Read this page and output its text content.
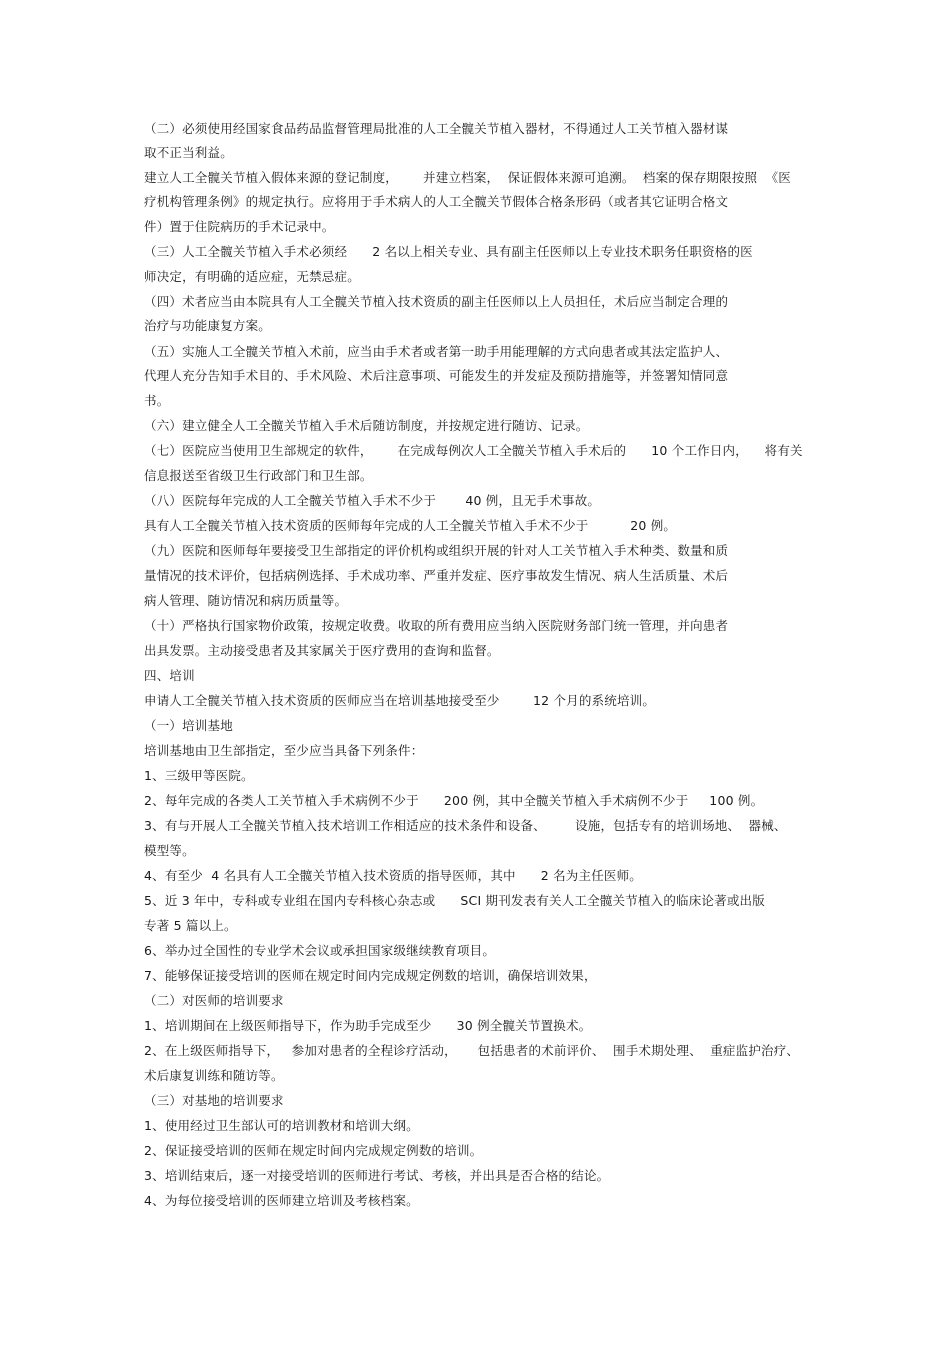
（二）必须使用经国家食品药品监督管理局批准的人工全髋关节植入器材，不得通过人工关节植入器材谋
取不正当利益。
建立人工全髋关节植入假体来源的登记制度，      并建立档案，  保证假体来源可追溯。  档案的保存期限按照  《医
疗机构管理条例》的规定执行。应将用于手术病人的人工全髋关节假体合格条形码（或者其它证明合格文
件）置于住院病历的手术记录中。
（三）人工全髋关节植入手术必须经      2 名以上相关专业、具有副主任医师以上专业技术职务任职资格的医
师决定，有明确的适应症，无禁忌症。
（四）术者应当由本院具有人工全髋关节植入技术资质的副主任医师以上人员担任，术后应当制定合理的
治疗与功能康复方案。
（五）实施人工全髋关节植入术前，应当由手术者或者第一助手用能理解的方式向患者或其法定监护人、
代理人充分告知手术目的、手术风险、术后注意事项、可能发生的并发症及预防措施等，并签署知情同意
书。
（六）建立健全人工全髋关节植入手术后随访制度，并按规定进行随访、记录。
（七）医院应当使用卫生部规定的软件，      在完成每例次人工全髋关节植入手术后的      10 个工作日内，    将有关
信息报送至省级卫生行政部门和卫生部。
（八）医院每年完成的人工全髋关节植入手术不少于       40 例，且无手术事故。
具有人工全髋关节植入技术资质的医师每年完成的人工全髋关节植入手术不少于          20 例。
（九）医院和医师每年要接受卫生部指定的评价机构或组织开展的针对人工关节植入手术种类、数量和质
量情况的技术评价，包括病例选择、手术成功率、严重并发症、医疗事故发生情况、病人生活质量、术后
病人管理、随访情况和病历质量等。
（十）严格执行国家物价政策，按规定收费。收取的所有费用应当纳入医院财务部门统一管理，并向患者
出具发票。主动接受患者及其家属关于医疗费用的查询和监督。
四、培训
申请人工全髋关节植入技术资质的医师应当在培训基地接受至少        12 个月的系统培训。
（一）培训基地
培训基地由卫生部指定，至少应当具备下列条件：
1、三级甲等医院。
2、每年完成的各类人工关节植入手术病例不少于      200 例，其中全髋关节植入手术病例不少于     100 例。
3、有与开展人工全髋关节植入技术培训工作相适应的技术条件和设备、       设施，包括专有的培训场地、  器械、
模型等。
4、有至少  4 名具有人工全髋关节植入技术资质的指导医师，其中      2 名为主任医师。
5、近 3 年中，专科或专业组在国内专科核心杂志或      SCI 期刊发表有关人工全髋关节植入的临床论著或出版
专著 5 篇以上。
6、举办过全国性的专业学术会议或承担国家级继续教育项目。
7、能够保证接受培训的医师在规定时间内完成规定例数的培训，确保培训效果，
（二）对医师的培训要求
1、培训期间在上级医师指导下，作为助手完成至少      30 例全髋关节置换术。
2、在上级医师指导下，   参加对患者的全程诊疗活动，     包括患者的术前评价、  围手术期处理、  重症监护治疗、
术后康复训练和随访等。
（三）对基地的培训要求
1、使用经过卫生部认可的培训教材和培训大纲。
2、保证接受培训的医师在规定时间内完成规定例数的培训。
3、培训结束后，逐一对接受培训的医师进行考试、考核，并出具是否合格的结论。
4、为每位接受培训的医师建立培训及考核档案。
